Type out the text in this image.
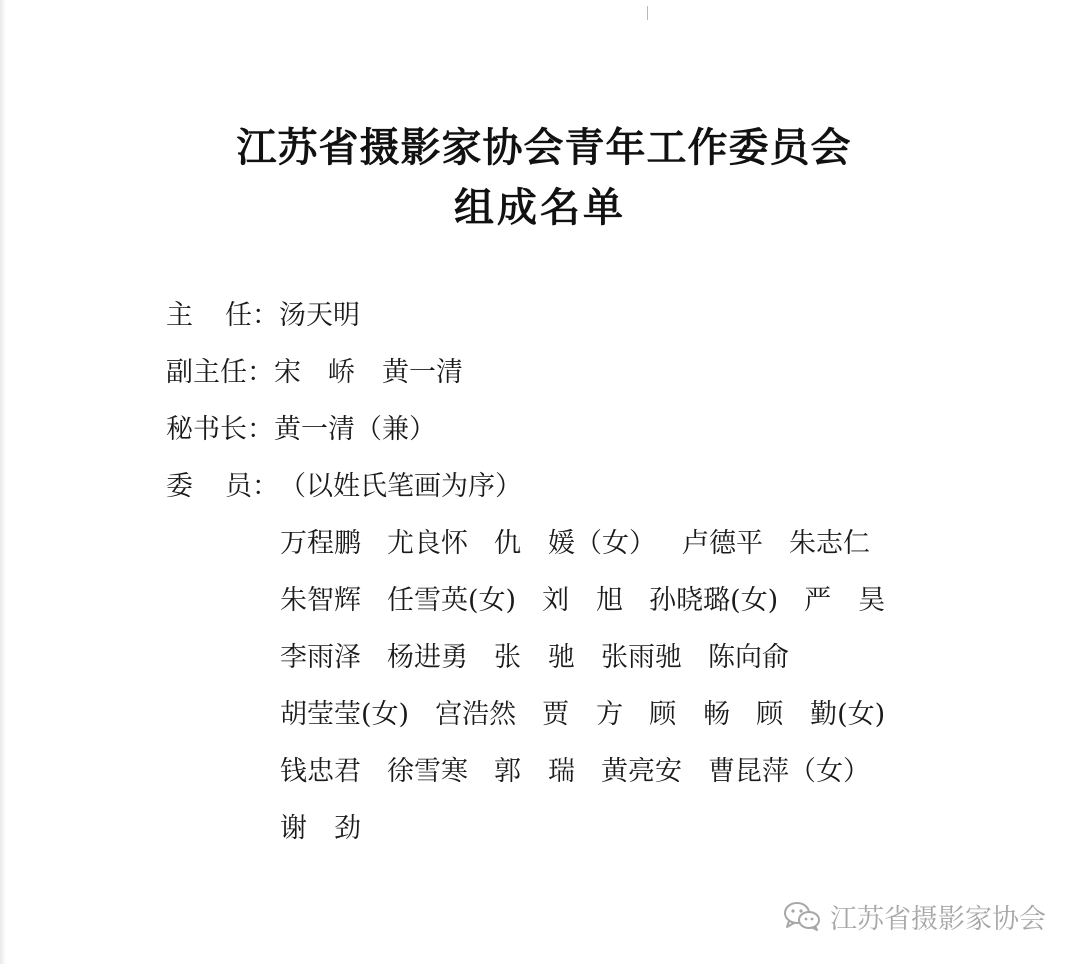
江苏省摄影家协会青年工作委员会
组成名单
主任：汤天明
副主任：宋　峤　黄一清
秘书长：黄一清（兼）
委员：（以姓氏笔画为序）
万程鹏 尤良怀 仇　媛（女） 卢德平 朱志仁
朱智辉 任雪英(女) 刘　旭 孙晓璐(女) 严　昊
李雨泽 杨进勇 张　驰 张雨驰 陈向俞
胡莹莹(女) 宫浩然 贾　方 顾　畅 顾　勤(女)
钱忠君 徐雪寒 郭　瑞 黄亮安 曹昆萍（女）
谢　劲
江苏省摄影家协会
